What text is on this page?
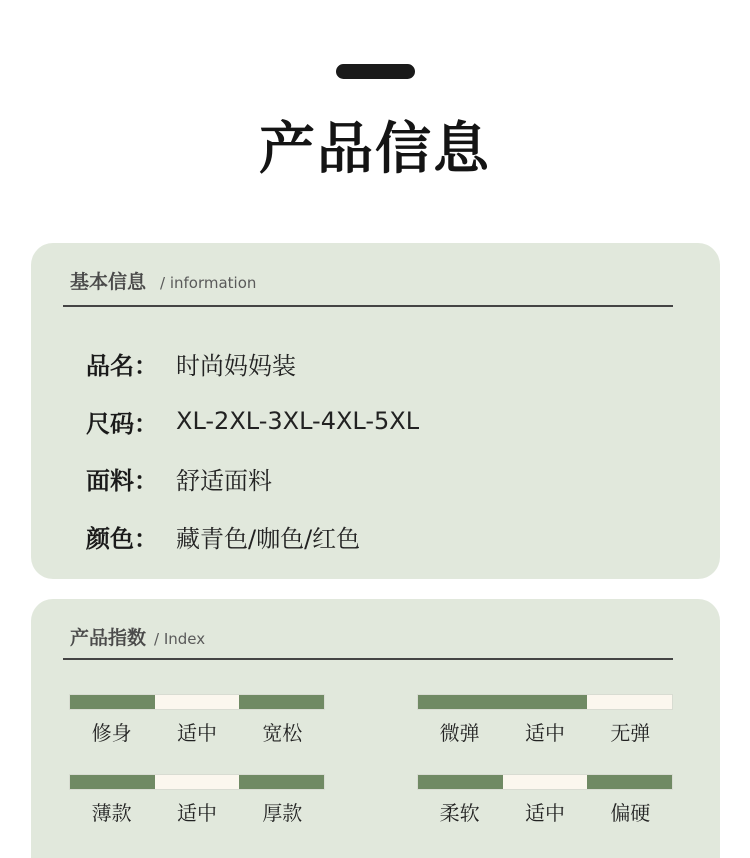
产品信息
基本信息 / information
品名： 时尚妈妈装
尺码： XL-2XL-3XL-4XL-5XL
面料： 舒适面料
颜色： 藏青色/咖色/红色
产品指数 / Index
修身	适中	宽松	微弹	适中	无弹
薄款	适中	厚款	柔软	适中	偏硬
